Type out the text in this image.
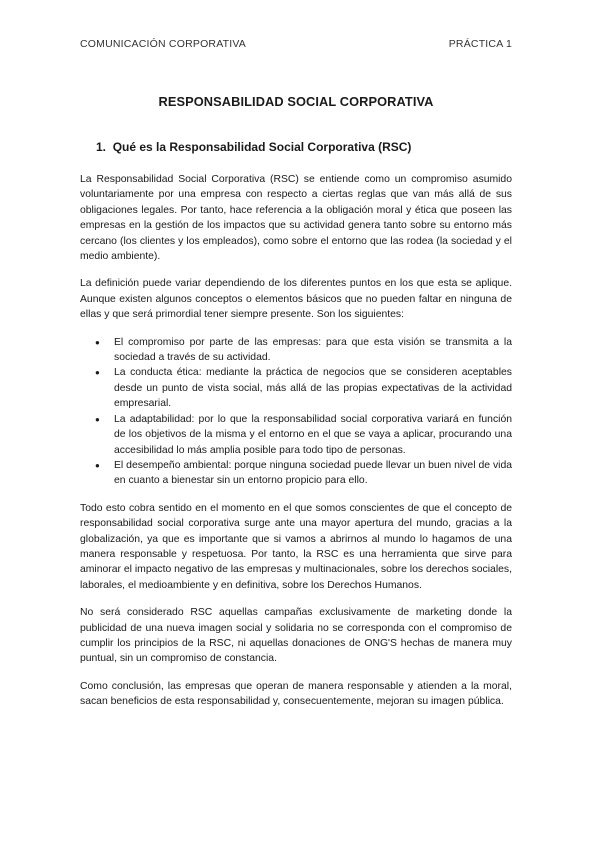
COMUNICACIÓN CORPORATIVA	PRÁCTICA 1
RESPONSABILIDAD SOCIAL CORPORATIVA
1. Qué es la Responsabilidad Social Corporativa (RSC)

La Responsabilidad Social Corporativa (RSC) se entiende como un compromiso asumido voluntariamente por una empresa con respecto a ciertas reglas que van más allá de sus obligaciones legales. Por tanto, hace referencia a la obligación moral y ética que poseen las empresas en la gestión de los impactos que su actividad genera tanto sobre su entorno más cercano (los clientes y los empleados), como sobre el entorno que las rodea (la sociedad y el medio ambiente).

La definición puede variar dependiendo de los diferentes puntos en los que esta se aplique. Aunque existen algunos conceptos o elementos básicos que no pueden faltar en ninguna de ellas y que será primordial tener siempre presente. Son los siguientes:

● El compromiso por parte de las empresas: para que esta visión se transmita a la sociedad a través de su actividad.
● La conducta ética: mediante la práctica de negocios que se consideren aceptables desde un punto de vista social, más allá de las propias expectativas de la actividad empresarial.
● La adaptabilidad: por lo que la responsabilidad social corporativa variará en función de los objetivos de la misma y el entorno en el que se vaya a aplicar, procurando una accesibilidad lo más amplia posible para todo tipo de personas.
● El desempeño ambiental: porque ninguna sociedad puede llevar un buen nivel de vida en cuanto a bienestar sin un entorno propicio para ello.

Todo esto cobra sentido en el momento en el que somos conscientes de que el concepto de responsabilidad social corporativa surge ante una mayor apertura del mundo, gracias a la globalización, ya que es importante que si vamos a abrirnos al mundo lo hagamos de una manera responsable y respetuosa. Por tanto, la RSC es una herramienta que sirve para aminorar el impacto negativo de las empresas y multinacionales, sobre los derechos sociales, laborales, el medioambiente y en definitiva, sobre los Derechos Humanos.

No será considerado RSC aquellas campañas exclusivamente de marketing donde la publicidad de una nueva imagen social y solidaria no se corresponda con el compromiso de cumplir los principios de la RSC, ni aquellas donaciones de ONG'S hechas de manera muy puntual, sin un compromiso de constancia.

Como conclusión, las empresas que operan de manera responsable y atienden a la moral, sacan beneficios de esta responsabilidad y, consecuentemente, mejoran su imagen pública.
